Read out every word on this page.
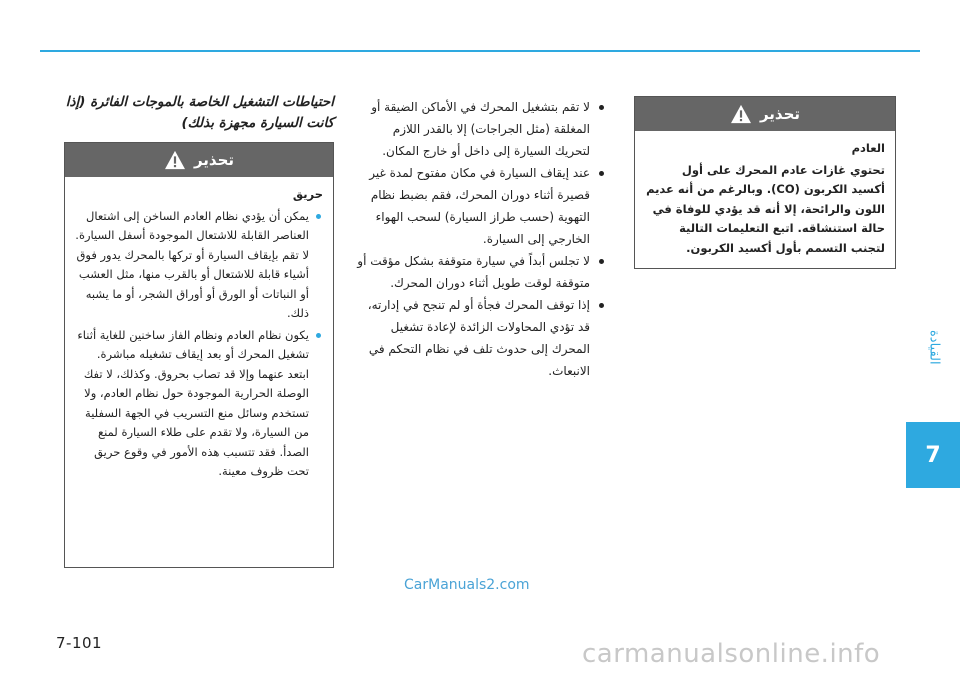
القيادة
7
احتياطات التشغيل الخاصة بالموجات الفائرة (إذا كانت السيارة مجهزة بذلك)
تحذير
حريق
يمكن أن يؤدي نظام العادم الساخن إلى اشتعال العناصر القابلة للاشتعال الموجودة أسفل السيارة. لا تقم بإيقاف السيارة أو تركها بالمحرك يدور فوق أشياء قابلة للاشتعال أو بالقرب منها، مثل العشب أو النباتات أو الورق أو أوراق الشجر، أو ما يشبه ذلك.
يكون نظام العادم ونظام الفاز ساخنين للغاية أثناء تشغيل المحرك أو بعد إيقاف تشغيله مباشرة. ابتعد عنهما وإلا قد تصاب بحروق. وكذلك، لا تفك الوصلة الحرارية الموجودة حول نظام العادم، ولا تستخدم وسائل منع التسريب في الجهة السفلية من السيارة، ولا تقدم على طلاء السيارة لمنع الصدأ. فقد تتسبب هذه الأمور في وقوع حريق تحت ظروف معينة.
لا تقم بتشغيل المحرك في الأماكن الضيقة أو المغلقة (مثل الجراجات) إلا بالقدر اللازم لتحريك السيارة إلى داخل أو خارج المكان.
عند إيقاف السيارة في مكان مفتوح لمدة غير قصيرة أثناء دوران المحرك، فقم بضبط نظام التهوية (حسب طراز السيارة) لسحب الهواء الخارجي إلى السيارة.
لا تجلس أبداً في سيارة متوقفة بشكل مؤقت أو متوقفة لوقت طويل أثناء دوران المحرك.
إذا توقف المحرك فجأة أو لم تنجح في إدارته، قد تؤدي المحاولات الزائدة لإعادة تشغيل المحرك إلى حدوث تلف في نظام التحكم في الانبعاث.
تحذير
العادم
تحتوي غازات عادم المحرك على أول أكسيد الكربون (CO). وبالرغم من أنه عديم اللون والرائحة، إلا أنه قد يؤدي للوفاة في حالة استنشاقه. اتبع التعليمات التالية لتجنب التسمم بأول أكسيد الكربون.
CarManuals2.com
7-101	carmanualsonline.info
